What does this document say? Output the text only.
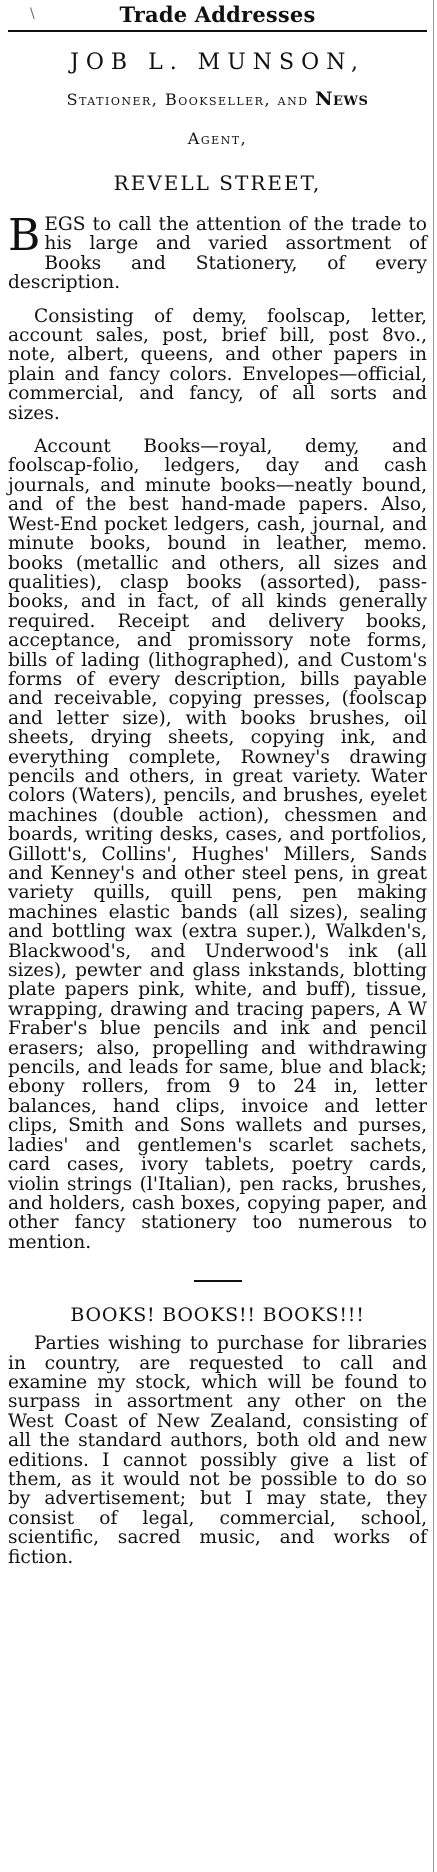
\	Trade Addresses
JOB L. MUNSON,
Stationer, Bookseller, and News
Agent,
REVELL STREET,

BEGS to call the attention of the trade to his large and varied assortment of Books and Stationery, of every description.

Consisting of demy, foolscap, letter, account sales, post, brief bill, post 8vo., note, albert, queens, and other papers in plain and fancy colors. Envelopes—official, commercial, and fancy, of all sorts and sizes.

Account Books—royal, demy, and foolscap-folio, ledgers, day and cash journals, and minute books—neatly bound, and of the best hand-made papers. Also, West-End pocket ledgers, cash, journal, and minute books, bound in leather, memo. books (metallic and others, all sizes and qualities), clasp books (assorted), pass-books, and in fact, of all kinds generally required. Receipt and delivery books, acceptance, and promissory note forms, bills of lading (lithographed), and Custom's forms of every description, bills payable and receivable, copying presses, (foolscap and letter size), with books brushes, oil sheets, drying sheets, copying ink, and everything complete, Rowney's drawing pencils and others, in great variety. Water colors (Waters), pencils, and brushes, eyelet machines (double action), chessmen and boards, writing desks, cases, and portfolios, Gillott's, Collins', Hughes' Millers, Sands and Kenney's and other steel pens, in great variety quills, quill pens, pen making machines elastic bands (all sizes), sealing and bottling wax (extra super.), Walkden's, Blackwood's, and Underwood's ink (all sizes), pewter and glass inkstands, blotting plate papers pink, white, and buff), tissue, wrapping, drawing and tracing papers, A W Fraber's blue pencils and ink and pencil erasers; also, propelling and withdrawing pencils, and leads for same, blue and black; ebony rollers, from 9 to 24 in, letter balances, hand clips, invoice and letter clips, Smith and Sons wallets and purses, ladies' and gentlemen's scarlet sachets, card cases, ivory tablets, poetry cards, violin strings (l'Italian), pen racks, brushes, and holders, cash boxes, copying paper, and other fancy stationery too numerous to mention.

BOOKS! BOOKS!! BOOKS!!!

Parties wishing to purchase for libraries in country, are requested to call and examine my stock, which will be found to surpass in assortment any other on the West Coast of New Zealand, consisting of all the standard authors, both old and new editions. I cannot possibly give a list of them, as it would not be possible to do so by advertisement; but I may state, they consist of legal, commercial, school, scientific, sacred music, and works of fiction.
